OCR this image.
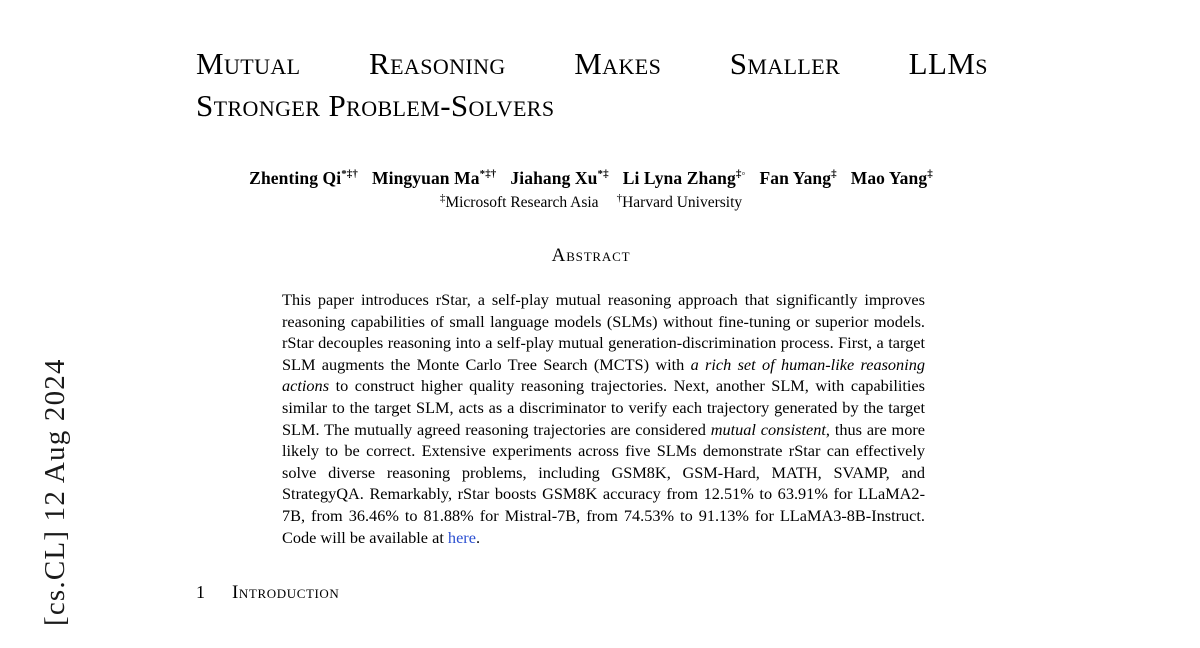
[cs.CL] 12 Aug 2024
Mutual Reasoning Makes Smaller LLMs
Stronger Problem-Solvers
Zhenting Qi*‡† Mingyuan Ma*‡† Jiahang Xu*‡ Li Lyna Zhang‡◦ Fan Yang‡ Mao Yang‡
‡Microsoft Research Asia †Harvard University
Abstract
This paper introduces rStar, a self-play mutual reasoning approach that significantly improves reasoning capabilities of small language models (SLMs) without fine-tuning or superior models. rStar decouples reasoning into a self-play mutual generation-discrimination process. First, a target SLM augments the Monte Carlo Tree Search (MCTS) with a rich set of human-like reasoning actions to construct higher quality reasoning trajectories. Next, another SLM, with capabilities similar to the target SLM, acts as a discriminator to verify each trajectory generated by the target SLM. The mutually agreed reasoning trajectories are considered mutual consistent, thus are more likely to be correct. Extensive experiments across five SLMs demonstrate rStar can effectively solve diverse reasoning problems, including GSM8K, GSM-Hard, MATH, SVAMP, and StrategyQA. Remarkably, rStar boosts GSM8K accuracy from 12.51% to 63.91% for LLaMA2-7B, from 36.46% to 81.88% for Mistral-7B, from 74.53% to 91.13% for LLaMA3-8B-Instruct. Code will be available at here.
1	Introduction
